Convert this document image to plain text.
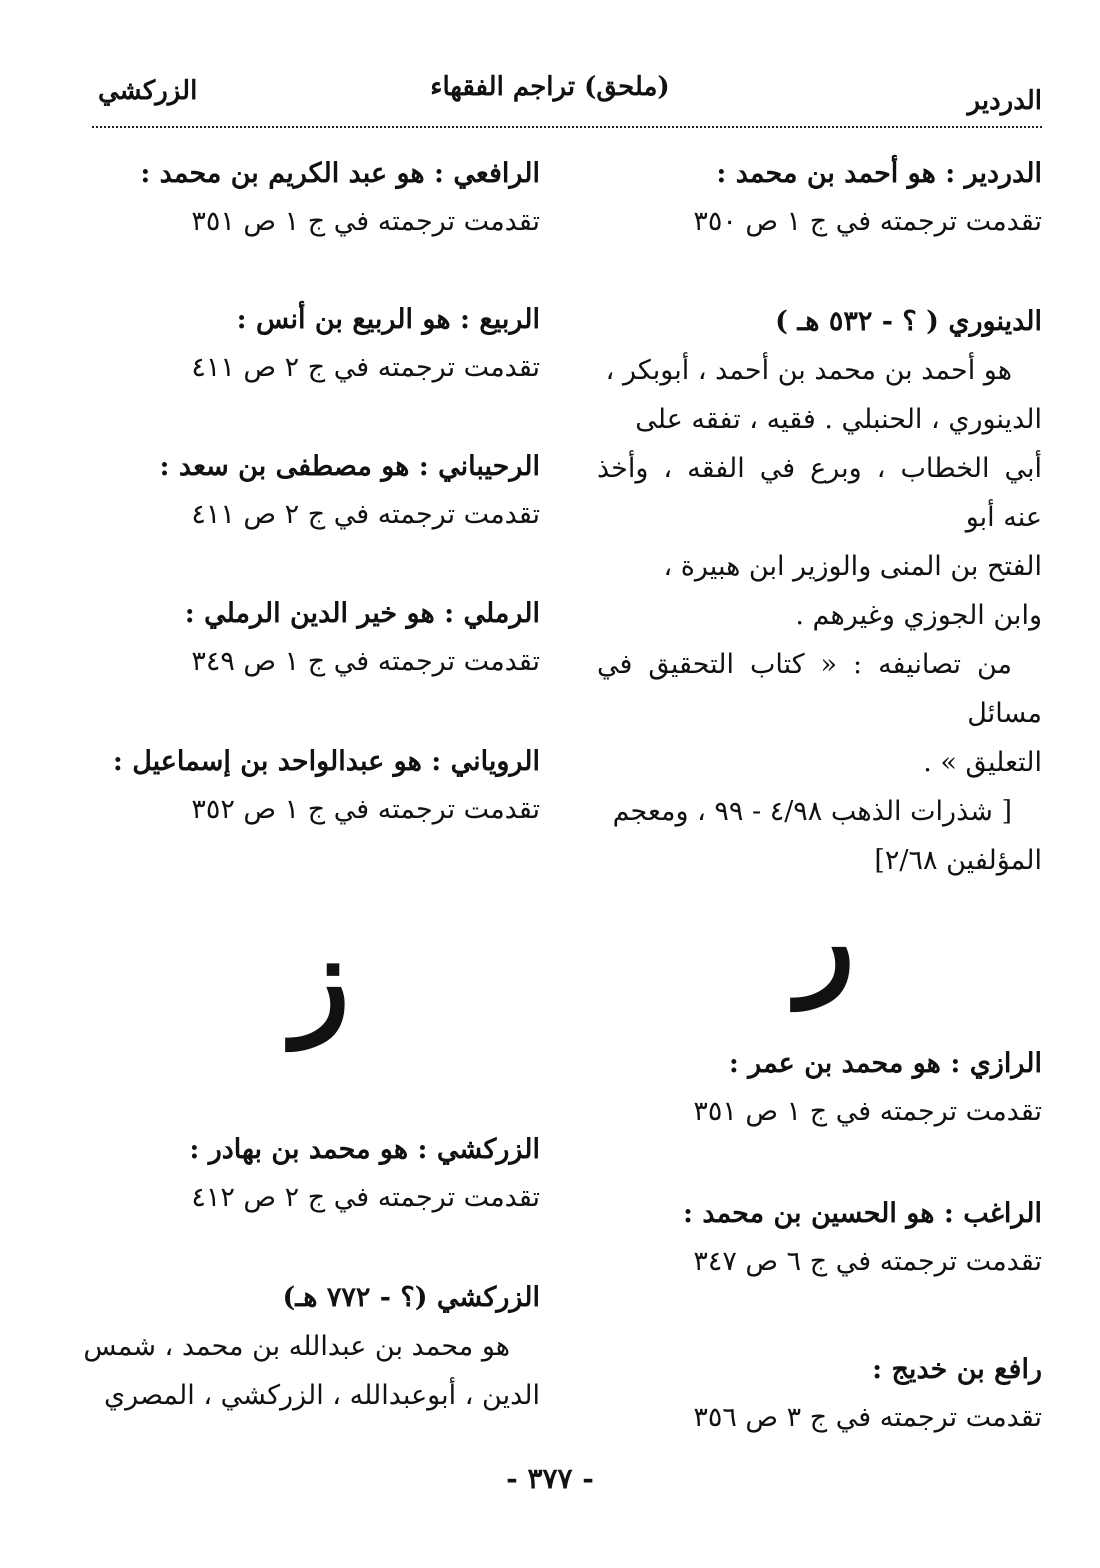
الدردير
(ملحق) تراجم الفقهاء
الزركشي
الدردير : هو أحمد بن محمد :
تقدمت ترجمته في ج ١ ص ٣٥٠
الدينوري ( ؟ - ٥٣٢ هـ )

هو أحمد بن محمد بن أحمد ، أبوبكر ،

الدينوري ، الحنبلي . فقيه ، تفقه على

أبي الخطاب ، وبرع في الفقه ، وأخذ عنه أبو

الفتح بن المنى والوزير ابن هبيرة ،

وابن الجوزي وغيرهم .

من تصانيفه : « كتاب التحقيق في مسائل

التعليق » .

[ شذرات الذهب ٤/٩٨ - ٩٩ ، ومعجم

المؤلفين ٢/٦٨]

الرازي : هو محمد بن عمر :
تقدمت ترجمته في ج ١ ص ٣٥١
الراغب : هو الحسين بن محمد :
تقدمت ترجمته في ج ٦ ص ٣٤٧
رافع بن خديج :
تقدمت ترجمته في ج ٣ ص ٣٥٦
ر
الرافعي : هو عبد الكريم بن محمد :
تقدمت ترجمته في ج ١ ص ٣٥١
الربيع : هو الربيع بن أنس :
تقدمت ترجمته في ج ٢ ص ٤١١
الرحيباني : هو مصطفى بن سعد :
تقدمت ترجمته في ج ٢ ص ٤١١
الرملي : هو خير الدين الرملي :
تقدمت ترجمته في ج ١ ص ٣٤٩
الروياني : هو عبدالواحد بن إسماعيل :
تقدمت ترجمته في ج ١ ص ٣٥٢
الزركشي : هو محمد بن بهادر :
تقدمت ترجمته في ج ٢ ص ٤١٢
الزركشي (؟ - ٧٧٢ هـ)

هو محمد بن عبدالله بن محمد ، شمس

الدين ، أبوعبدالله ، الزركشي ، المصري

ز
- ٣٧٧ -
